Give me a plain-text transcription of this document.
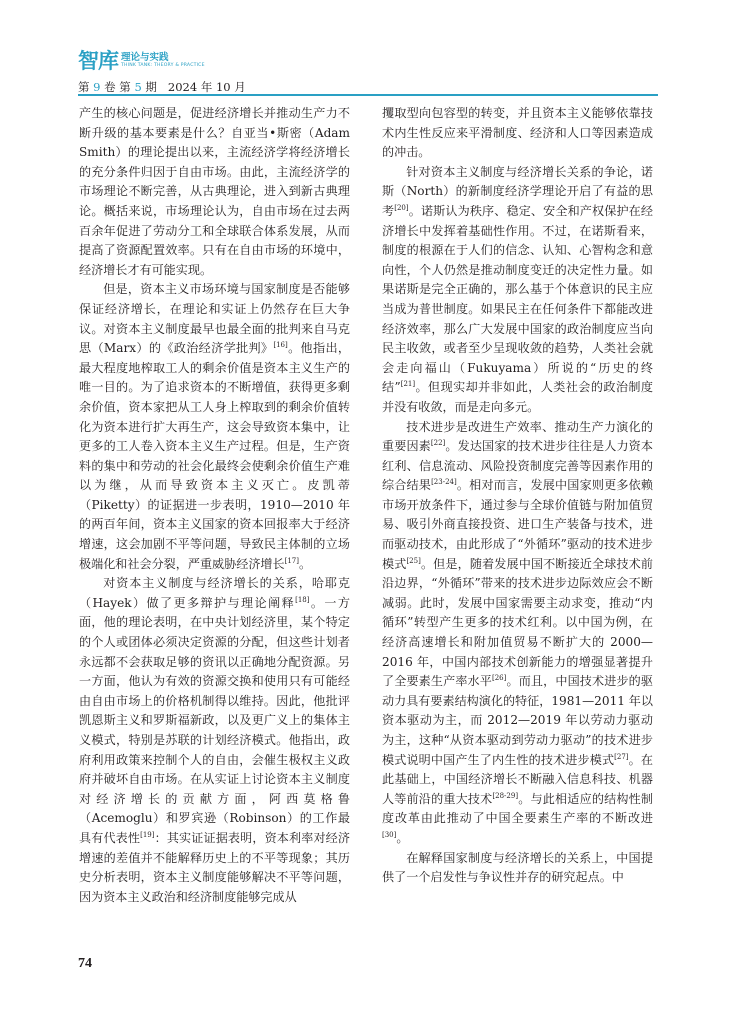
智库 理论与实践
THINK TANK: THEORY & PRACTICE
第 9 卷 第 5 期 2024 年 10 月

产生的核心问题是，促进经济增长并推动生产力不断升级的基本要素是什么？自亚当•斯密（Adam Smith）的理论提出以来，主流经济学将经济增长的充分条件归因于自由市场。由此，主流经济学的市场理论不断完善，从古典理论，进入到新古典理论。概括来说，市场理论认为，自由市场在过去两百余年促进了劳动分工和全球联合体系发展，从而提高了资源配置效率。只有在自由市场的环境中，经济增长才有可能实现。

但是，资本主义市场环境与国家制度是否能够保证经济增长，在理论和实证上仍然存在巨大争议。对资本主义制度最早也最全面的批判来自马克思（Marx）的《政治经济学批判》[16]。他指出，最大程度地榨取工人的剩余价值是资本主义生产的唯一目的。为了追求资本的不断增值，获得更多剩余价值，资本家把从工人身上榨取到的剩余价值转化为资本进行扩大再生产，这会导致资本集中，让更多的工人卷入资本主义生产过程。但是，生产资料的集中和劳动的社会化最终会使剩余价值生产难以为继，从而导致资本主义灭亡。皮凯蒂（Piketty）的证据进一步表明，1910—2010 年的两百年间，资本主义国家的资本回报率大于经济增速，这会加剧不平等问题，导致民主体制的立场极端化和社会分裂，严重威胁经济增长[17]。

对资本主义制度与经济增长的关系，哈耶克（Hayek）做了更多辩护与理论阐释[18]。一方面，他的理论表明，在中央计划经济里，某个特定的个人或团体必须决定资源的分配，但这些计划者永远都不会获取足够的资讯以正确地分配资源。另一方面，他认为有效的资源交换和使用只有可能经由自由市场上的价格机制得以维持。因此，他批评凯恩斯主义和罗斯福新政，以及更广义上的集体主义模式，特别是苏联的计划经济模式。他指出，政府利用政策来控制个人的自由，会催生极权主义政府并破坏自由市场。在从实证上讨论资本主义制度对经济增长的贡献方面，阿西莫格鲁（Acemoglu）和罗宾逊（Robinson）的工作最具有代表性[19]：其实证证据表明，资本利率对经济增速的差值并不能解释历史上的不平等现象；其历史分析表明，资本主义制度能够解决不平等问题，因为资本主义政治和经济制度能够完成从

攫取型向包容型的转变，并且资本主义能够依靠技术内生性反应来平滑制度、经济和人口等因素造成的冲击。

针对资本主义制度与经济增长关系的争论，诺斯（North）的新制度经济学理论开启了有益的思考[20]。诺斯认为秩序、稳定、安全和产权保护在经济增长中发挥着基础性作用。不过，在诺斯看来，制度的根源在于人们的信念、认知、心智构念和意向性，个人仍然是推动制度变迁的决定性力量。如果诺斯是完全正确的，那么基于个体意识的民主应当成为普世制度。如果民主在任何条件下都能改进经济效率，那么广大发展中国家的政治制度应当向民主收敛，或者至少呈现收敛的趋势，人类社会就会走向福山（Fukuyama）所说的“历史的终结”[21]。但现实却并非如此，人类社会的政治制度并没有收敛，而是走向多元。

技术进步是改进生产效率、推动生产力演化的重要因素[22]。发达国家的技术进步往往是人力资本红利、信息流动、风险投资制度完善等因素作用的综合结果[23-24]。相对而言，发展中国家则更多依赖市场开放条件下，通过参与全球价值链与附加值贸易、吸引外商直接投资、进口生产装备与技术，进而驱动技术，由此形成了“外循环”驱动的技术进步模式[25]。但是，随着发展中国不断接近全球技术前沿边界，“外循环”带来的技术进步边际效应会不断减弱。此时，发展中国家需要主动求变，推动“内循环”转型产生更多的技术红利。以中国为例，在经济高速增长和附加值贸易不断扩大的 2000—2016 年，中国内部技术创新能力的增强显著提升了全要素生产率水平[26]。而且，中国技术进步的驱动力具有要素结构演化的特征，1981—2011 年以资本驱动为主，而 2012—2019 年以劳动力驱动为主，这种“从资本驱动到劳动力驱动”的技术进步模式说明中国产生了内生性的技术进步模式[27]。在此基础上，中国经济增长不断融入信息科技、机器人等前沿的重大技术[28-29]。与此相适应的结构性制度改革由此推动了中国全要素生产率的不断改进[30]。

在解释国家制度与经济增长的关系上，中国提供了一个启发性与争议性并存的研究起点。中

74
